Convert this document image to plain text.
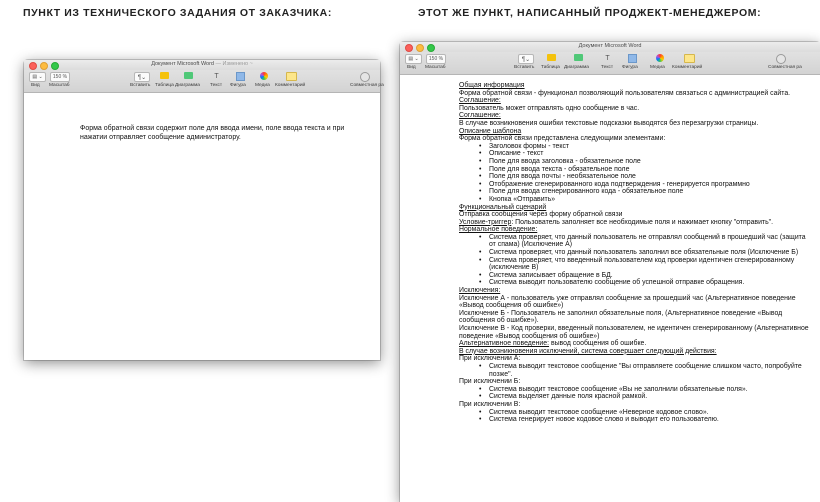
ПУНКТ ИЗ ТЕХНИЧЕСКОГО ЗАДАНИЯ ОТ ЗАКАЗЧИКА:	ЭТОТ ЖЕ ПУНКТ, НАПИСАННЫЙ ПРОДЖЕКТ-МЕНЕДЖЕРОМ:
Документ Microsoft Word — Изменено ~
▤ ⌄
Вид
150 %
Масштаб
¶⌄
Вставить Таблица Диаграмма
T
Текст Фигура Медиа Комментарий	Совместная ра
Форма обратной связи содержит поле для ввода имени, поле ввода текста и при нажатии отправляет сообщение администратору.
Документ Microsoft Word
▤ ⌄
Вид
150 %
Масштаб
¶⌄
Вставить Таблица Диаграмма
T
Текст Фигура	Медиа Комментарий	Совместная ра
Общая информация
Форма обратной связи - функционал позволяющий пользователям связаться с администрацией сайта.
Соглашение:
Пользователь может отправлять одно сообщение в час.
Соглашение:
В случае возникновения ошибки текстовые подсказки выводятся без перезагрузки страницы.
Описание шаблона
Форма обратной связи представлена следующими элементами:
• Заголовок формы - текст
• Описание - текст
• Поле для ввода заголовка - обязательное поле
• Поле для ввода текста - обязательное поле
• Поле для ввода почты - необязательное поле
• Отображение сгенерированного кода подтверждения - генерируется программно
• Поле для ввода сгенерированного кода - обязательное поле
• Кнопка «Отправить»
Функциональный сценарий
Отправка сообщения через форму обратной связи
Условие-триггер: Пользователь заполняет все необходимые поля и нажимает кнопку "отправить".
Нормальное поведение:
• Система проверяет, что данный пользователь не отправлял сообщений в прошедший час (защита от спама) (Исключение А)
• Система проверяет, что данный пользователь заполнил все обязательные поля (Исключение Б)
• Система проверяет, что введенный пользователем код проверки идентичен сгенерированному (исключение В)
• Система записывает обращение в БД.
• Система выводит пользователю сообщение об успешной отправке обращения.
Исключения:
Исключение А - пользователь уже отправлял сообщение за прошедший час (Альтернативное поведение «Вывод сообщения об ошибке»)
Исключение Б - Пользователь не заполнил обязательные поля, (Альтернативное поведение «Вывод сообщения об ошибке»).
Исключение В - Код проверки, введенный пользователем, не идентичен сгенерированному (Альтернативное поведение «Вывод сообщения об ошибке»)
Альтернативное поведение: вывод сообщения об ошибке.
В случае возникновения исключений, система совершает следующий действия:
При исключении А:
• Система выводит текстовое сообщение "Вы отправляете сообщение слишком часто, попробуйте позже".
При исключении Б:
• Система выводит текстовое сообщение «Вы не заполнили обязательные поля».
• Система выделяет данные поля красной рамкой.
При исключении В:
• Система выводит текстовое сообщение «Неверное кодовое слово».
• Система генерирует новое кодовое слово и выводит его пользователю.
